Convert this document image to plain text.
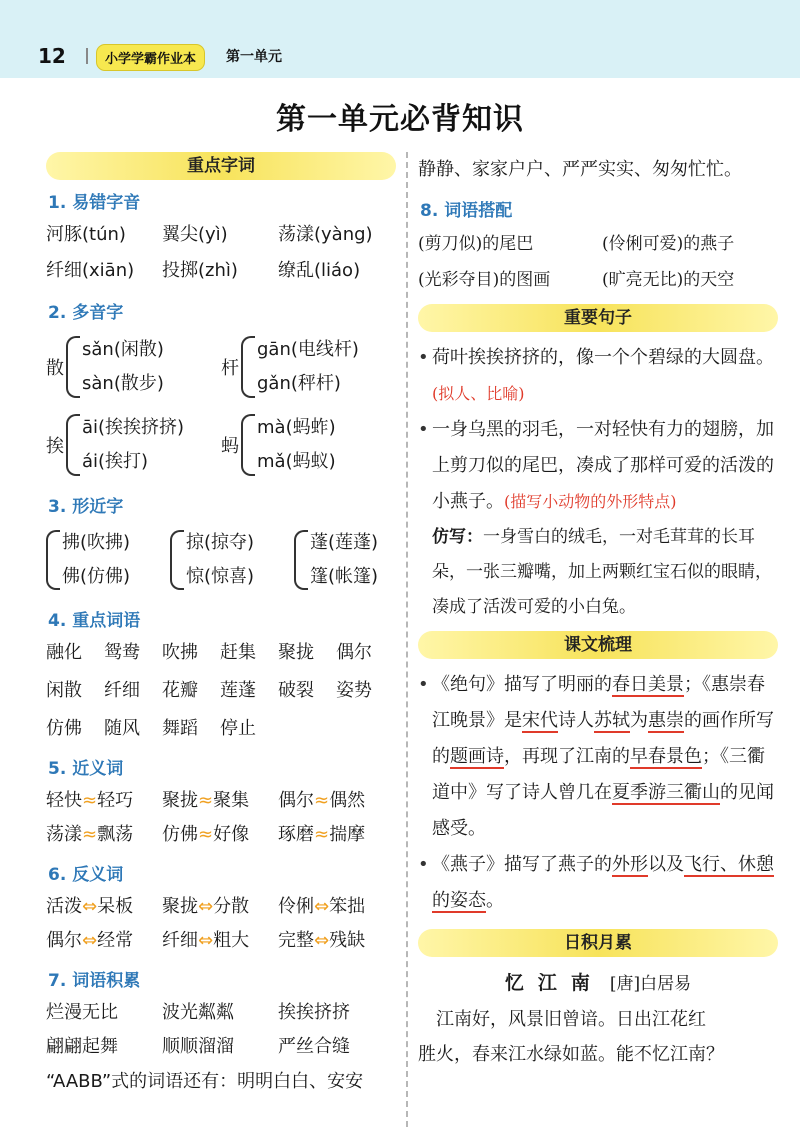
12	小学学霸作业本	第一单元
第一单元必背知识
重点字词
1. 易错字音
河豚(tún)	翼尖(yì)	荡漾(yàng)
纤细(xiān)	投掷(zhì)	缭乱(liáo)
2. 多音字
散
sǎn(闲散)
sàn(散步)
杆
gān(电线杆)
gǎn(秤杆)
挨
āi(挨挨挤挤)
ái(挨打)
蚂
mà(蚂蚱)
mǎ(蚂蚁)
3. 形近字
拂(吹拂)
佛(仿佛)
掠(掠夺)
惊(惊喜)
蓬(莲蓬)
篷(帐篷)
4. 重点词语
融化	鸳鸯	吹拂	赶集	聚拢	偶尔
闲散	纤细	花瓣	莲蓬	破裂	姿势
仿佛	随风	舞蹈	停止
5. 近义词
轻快≈轻巧	聚拢≈聚集	偶尔≈偶然
荡漾≈飘荡	仿佛≈好像	琢磨≈揣摩
6. 反义词
活泼⇔呆板	聚拢⇔分散	伶俐⇔笨拙
偶尔⇔经常	纤细⇔粗大	完整⇔残缺
7. 词语积累
烂漫无比	波光粼粼	挨挨挤挤
翩翩起舞	顺顺溜溜	严丝合缝
“AABB”式的词语还有：明明白白、安安
静静、家家户户、严严实实、匆匆忙忙。
8. 词语搭配
(剪刀似)的尾巴	(伶俐可爱)的燕子
(光彩夺目)的图画	(旷亮无比)的天空
重要句子
• 荷叶挨挨挤挤的，像一个个碧绿的大圆盘。(拟人、比喻)
• 一身乌黑的羽毛，一对轻快有力的翅膀，加上剪刀似的尾巴，凑成了那样可爱的活泼的小燕子。(描写小动物的外形特点)
仿写：一身雪白的绒毛，一对毛茸茸的长耳朵，一张三瓣嘴，加上两颗红宝石似的眼睛，凑成了活泼可爱的小白兔。
课文梳理
• 《绝句》描写了明丽的春日美景；《惠崇春江晚景》是宋代诗人苏轼为惠崇的画作所写的题画诗，再现了江南的早春景色；《三衢道中》写了诗人曾几在夏季游三衢山的见闻感受。
• 《燕子》描写了燕子的外形以及飞行、休憩的姿态。
日积月累
忆江南 [唐]白居易
江南好，风景旧曾谙。日出江花红
胜火，春来江水绿如蓝。能不忆江南？
